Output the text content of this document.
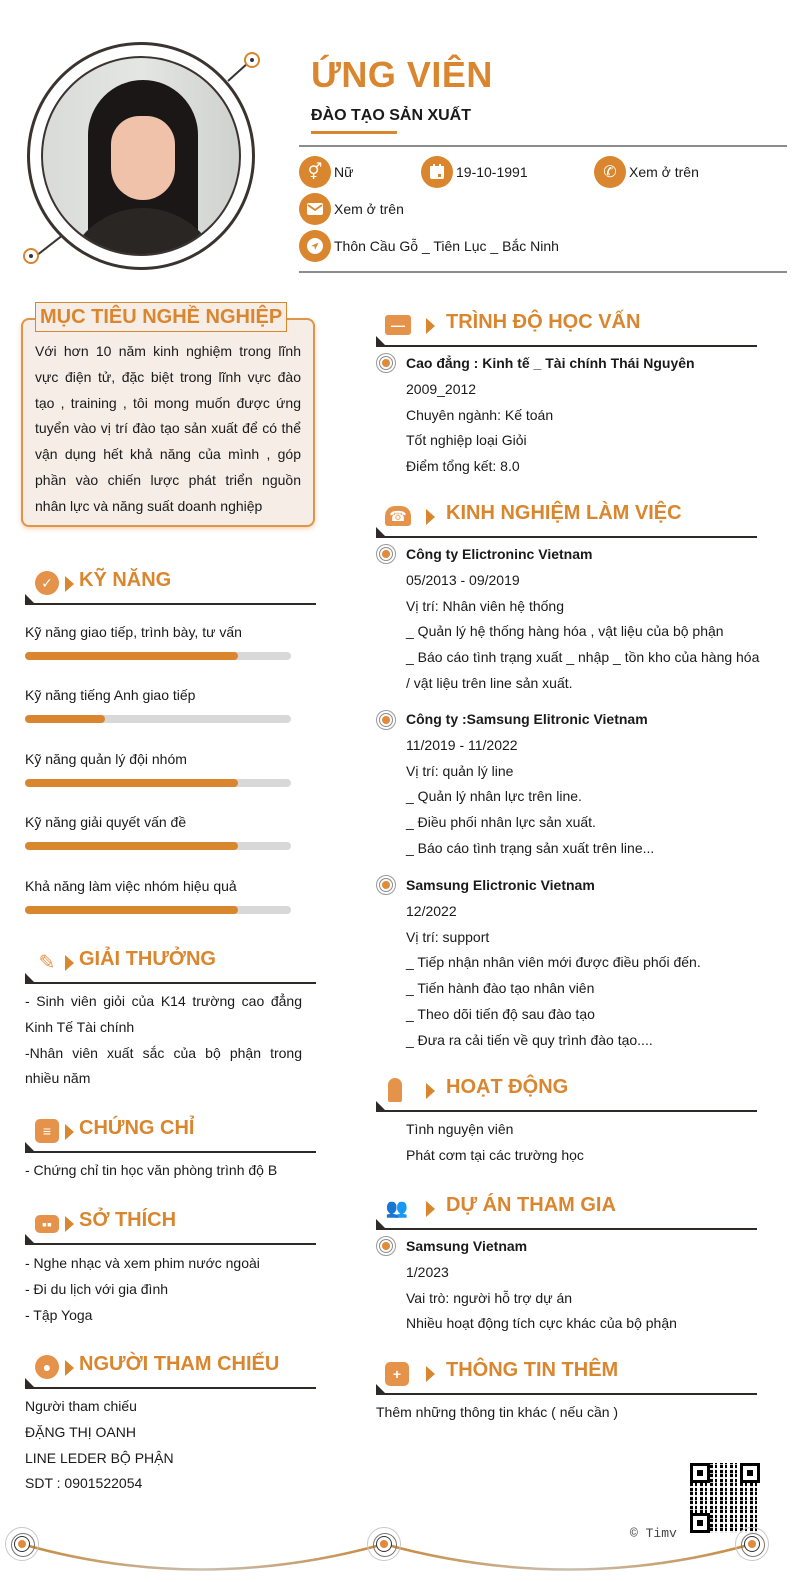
ỨNG VIÊN
ĐÀO TẠO SẢN XUẤT
⚥ Nữ	19-10-1991	✆ Xem ở trên
Xem ở trên
Thôn Cầu Gỗ _ Tiên Lục _ Bắc Ninh
MỤC TIÊU NGHỀ NGHIỆP
Với hơn 10 năm kinh nghiệm trong lĩnh vực điện tử, đặc biệt trong lĩnh vực đào tạo , training , tôi mong muốn được ứng tuyển vào vị trí đào tạo sản xuất để có thể vận dụng hết khả năng của mình , góp phần vào chiến lược phát triển nguồn nhân lực và năng suất doanh nghiệp
✓	KỸ NĂNG
Kỹ năng giao tiếp, trình bày, tư vấn
Kỹ năng tiếng Anh giao tiếp
Kỹ năng quản lý đội nhóm
Kỹ năng giải quyết vấn đề
Khả năng làm việc nhóm hiệu quả
✎ GIẢI THƯỞNG
- Sinh viên giỏi của K14 trường cao đẳng Kinh Tế Tài chính
-Nhân viên xuất sắc của bộ phận trong nhiều năm
≡	CHỨNG CHỈ
- Chứng chỉ tin học văn phòng trình độ B
▪▪	SỞ THÍCH
- Nghe nhạc và xem phim nước ngoài
- Đi du lịch với gia đình
- Tập Yoga
●	NGƯỜI THAM CHIẾU
Người tham chiếu
ĐẶNG THỊ OANH
LINE LEDER BỘ PHẬN
SDT : 0901522054
—	TRÌNH ĐỘ HỌC VẤN
Cao đẳng : Kinh tế _ Tài chính Thái Nguyên
2009_2012
Chuyên ngành: Kế toán
Tốt nghiệp loại Giỏi
Điểm tổng kết: 8.0
☎ KINH NGHIỆM LÀM VIỆC
Công ty Elictroninc Vietnam
05/2013 - 09/2019
Vị trí: Nhân viên hệ thống
_ Quản lý hệ thống hàng hóa , vật liệu của bộ phận
_ Báo cáo tình trạng xuất _ nhập _ tồn kho của hàng hóa / vật liệu trên line sản xuất.
Công ty :Samsung Elitronic Vietnam
11/2019 - 11/2022
Vị trí: quản lý line
_ Quản lý nhân lực trên line.
_ Điều phối nhân lực sản xuất.
_ Báo cáo tình trạng sản xuất trên line...
Samsung Elictronic Vietnam
12/2022
Vị trí: support
_ Tiếp nhận nhân viên mới được điều phối đến.
_ Tiến hành đào tạo nhân viên
_ Theo dõi tiến độ sau đào tạo
_ Đưa ra cải tiến về quy trình đào tạo....
HOẠT ĐỘNG
Tình nguyện viên
Phát cơm tại các trường học
👥 DỰ ÁN THAM GIA
Samsung Vietnam
1/2023
Vai trò: người hỗ trợ dự án
Nhiều hoạt động tích cực khác của bộ phận
+	THÔNG TIN THÊM
Thêm những thông tin khác ( nếu cần )
© Timv
